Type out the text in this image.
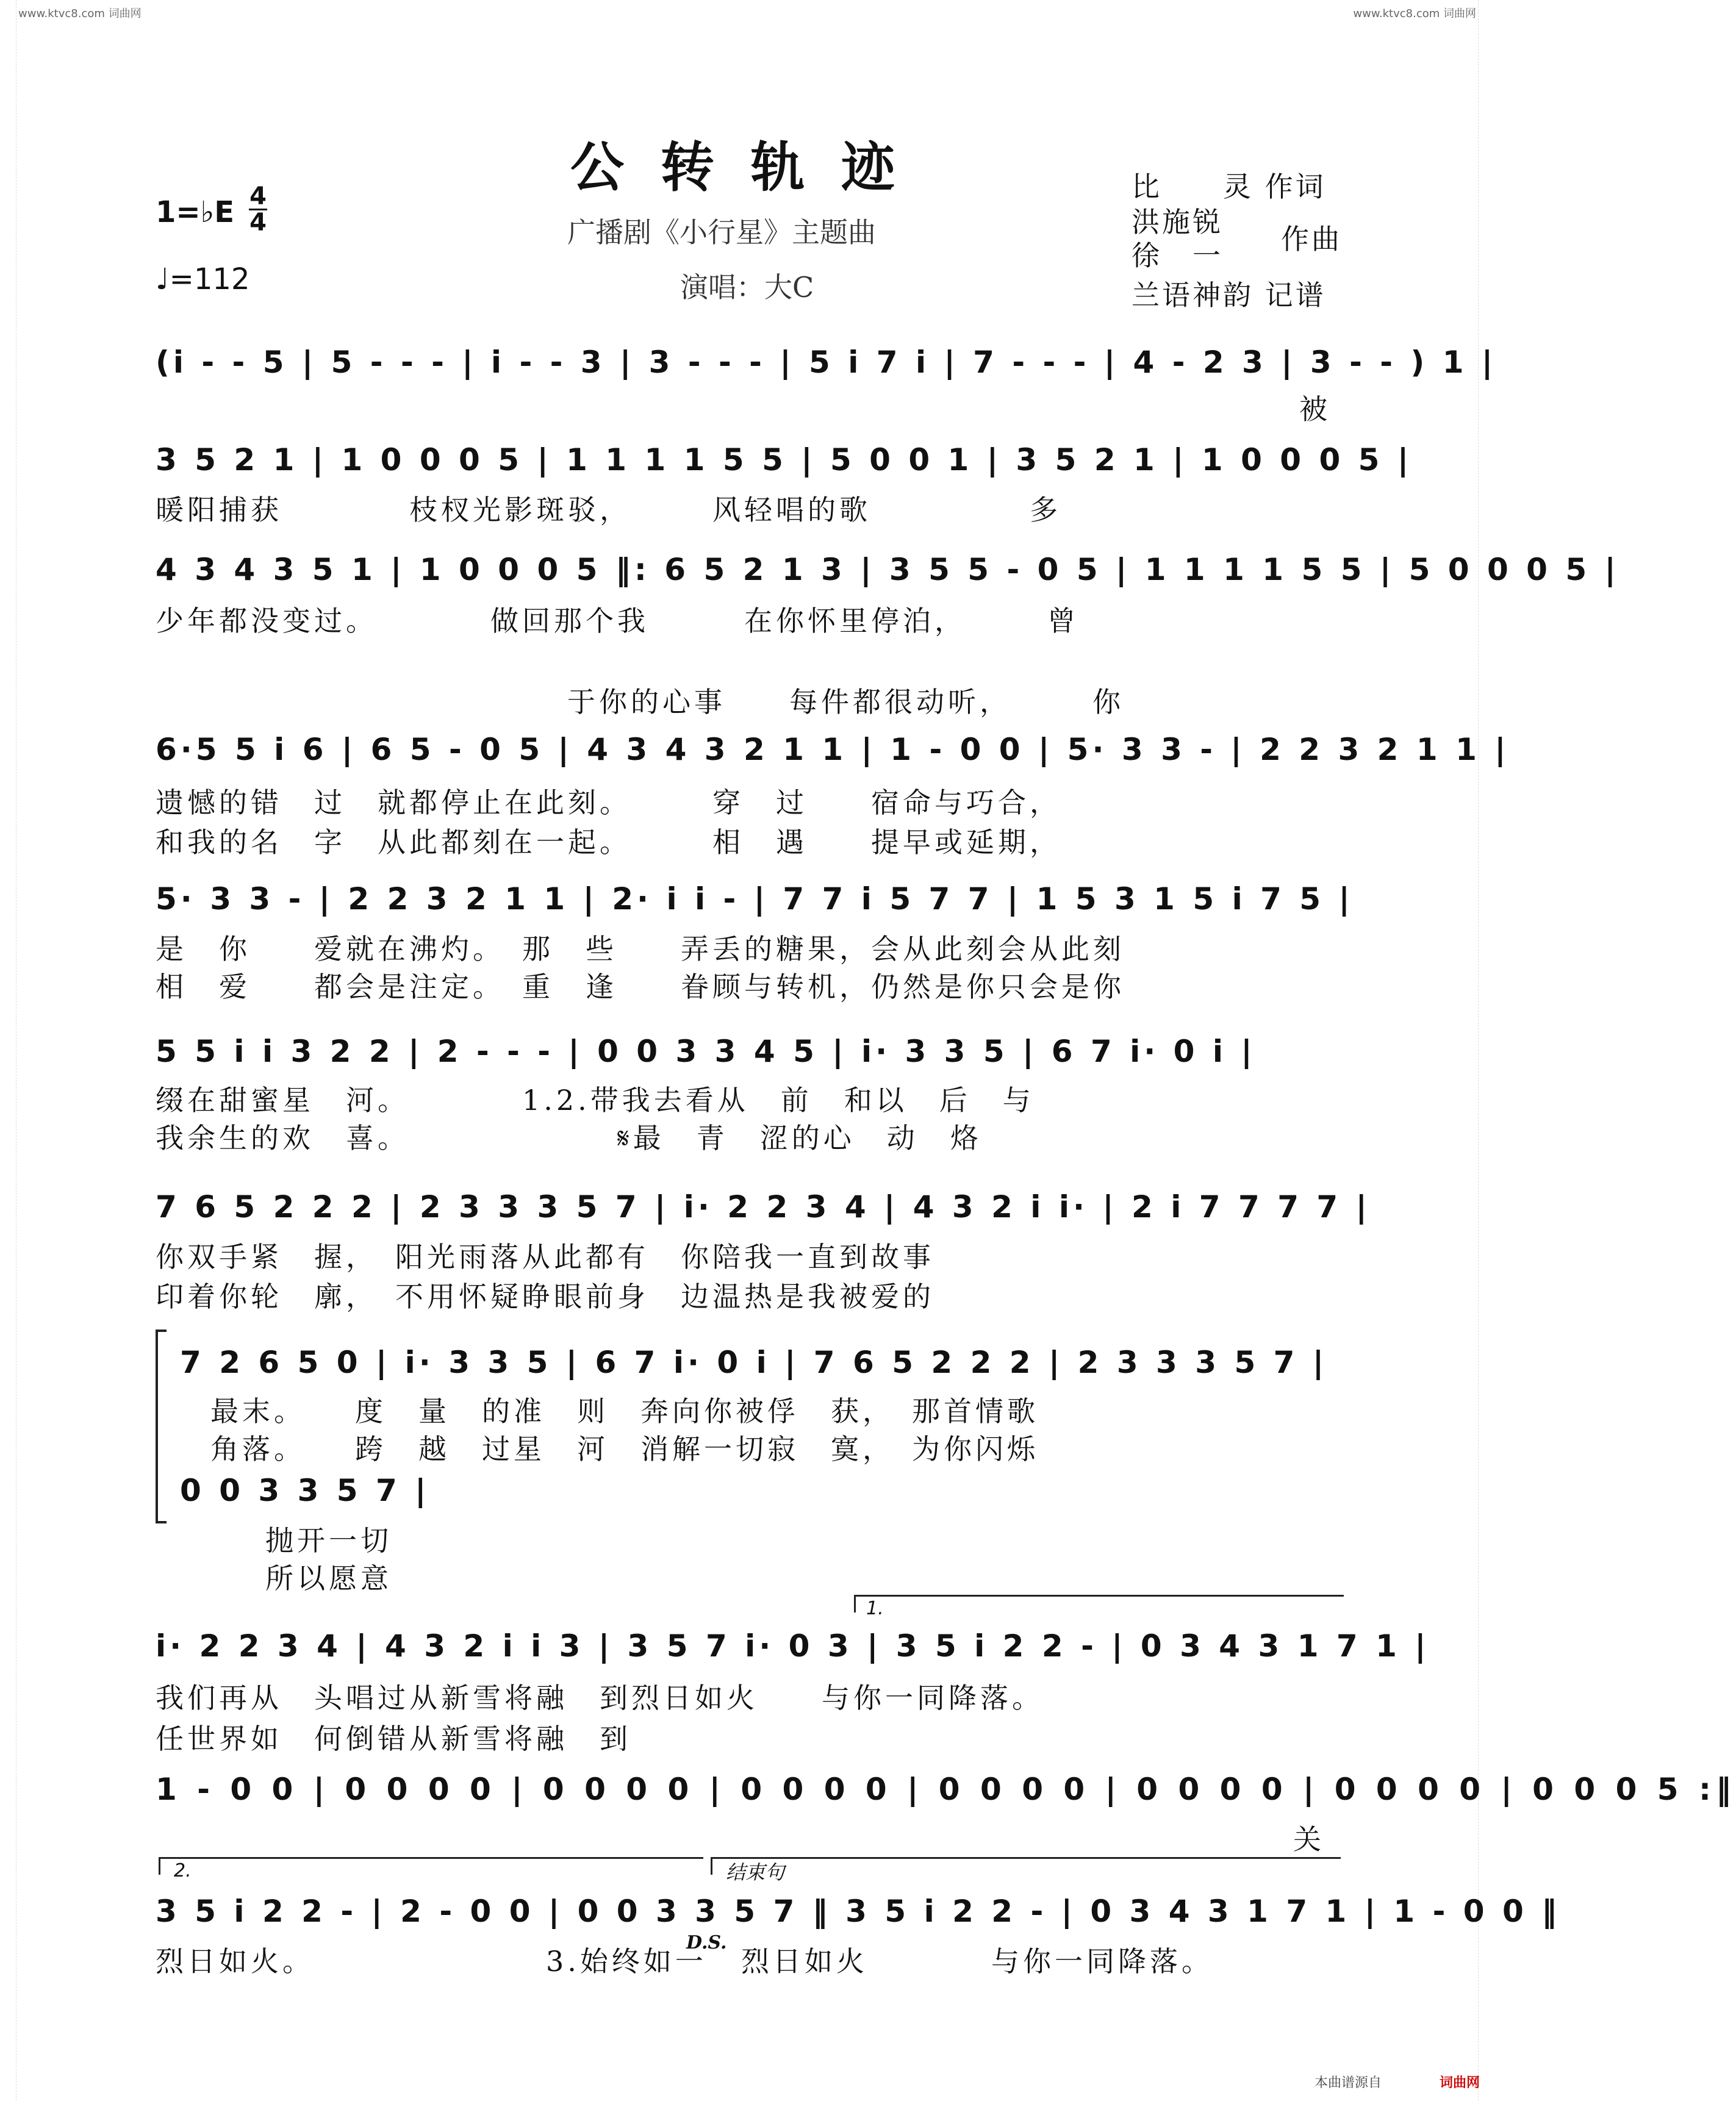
www.ktvc8.com 词曲网	www.ktvc8.com 词曲网
公转轨迹
广播剧《小行星》主题曲
演唱：大C
1=♭E 4
4
♩=112
比　　灵 作词
洪施锐
徐　一 作曲
兰语神韵 记谱
(i - - 5 | 5 - - - | i - - 3 | 3 - - - | 5 i 7 i | 7 - - - | 4 - 2 3 | 3 - - ) 1 |
被
3 5 2 1 | 1 0 0 0 5 | 1 1 1 1 5 5 | 5 0 0 1 | 3 5 2 1 | 1 0 0 0 5 |
暖阳捕获　　　　枝杈光影斑驳，　　　风轻唱的歌　　　　　多
4 3 4 3 5 1 | 1 0 0 0 5 ‖: 6 5 2 1 3 | 3 5 5 - 0 5 | 1 1 1 1 5 5 | 5 0 0 0 5 |
少年都没变过。　　　　做回那个我　　　在你怀里停泊，　　　曾
于你的心事　　每件都很动听，　　　你
6·5 5 i 6 | 6 5 - 0 5 | 4 3 4 3 2 1 1 | 1 - 0 0 | 5· 3 3 - | 2 2 3 2 1 1 |
遗憾的错　过　就都停止在此刻。　　　穿　过　　宿命与巧合，
和我的名　字　从此都刻在一起。　　　相　遇　　提早或延期，
5· 3 3 - | 2 2 3 2 1 1 | 2· i i - | 7 7 i 5 7 7 | 1 5 3 1 5 i 7 5 |
是　你　　爱就在沸灼。　那　些　　弄丢的糖果，会从此刻会从此刻
相　爱　　都会是注定。　重　逢　　眷顾与转机，仍然是你只会是你
5 5 i i 3 2 2 | 2 - - - | 0 0 3 3 4 5 | i· 3 3 5 | 6 7 i· 0 i |
缀在甜蜜星　河。　　　　1.2.带我去看从　前　和以　后　与
我余生的欢　喜。　　　　　　　𝄋最　青　涩的心　动　烙
7 6 5 2 2 2 | 2 3 3 3 5 7 | i· 2 2 3 4 | 4 3 2 i i· | 2 i 7 7 7 7 |
你双手紧　握，　阳光雨落从此都有　你陪我一直到故事
印着你轮　廓，　不用怀疑睁眼前身　边温热是我被爱的
7 2 6 5 0 | i· 3 3 5 | 6 7 i· 0 i | 7 6 5 2 2 2 | 2 3 3 3 5 7 |
最末。　　度　量　的准　则　奔向你被俘　获，　那首情歌
角落。　　跨　越　过星　河　消解一切寂　寞，　为你闪烁
0 0 3 3 5 7 |
抛开一切
所以愿意
1.
i· 2 2 3 4 | 4 3 2 i i 3 | 3 5 7 i· 0 3 | 3 5 i 2 2 - | 0 3 4 3 1 7 1 |
我们再从　头唱过从新雪将融　到烈日如火　　与你一同降落。
任世界如　何倒错从新雪将融　到
1 - 0 0 | 0 0 0 0 | 0 0 0 0 | 0 0 0 0 | 0 0 0 0 | 0 0 0 0 | 0 0 0 0 | 0 0 0 5 :‖
关
2.	结束句
3 5 i 2 2 - | 2 - 0 0 | 0 0 3 3 5 7 ‖ 3 5 i 2 2 - | 0 3 4 3 1 7 1 | 1 - 0 0 ‖
烈日如火。	3.始终如一
D.S.
烈日如火	与你一同降落。
本曲谱源自	词曲网
